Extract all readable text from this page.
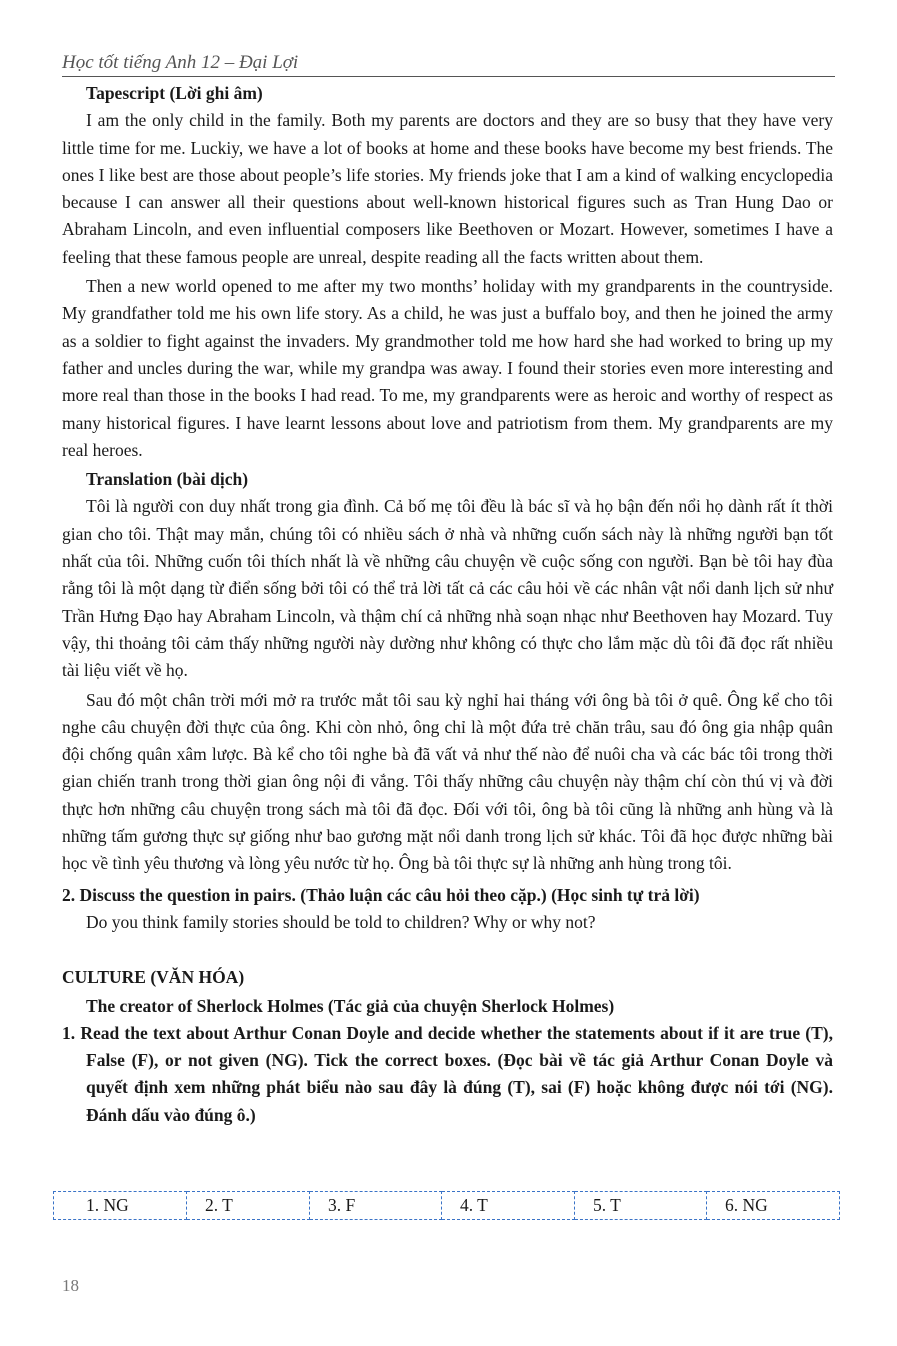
Học tốt tiếng Anh 12 – Đại Lợi

Tapescript (Lời ghi âm)

I am the only child in the family. Both my parents are doctors and they are so busy that they have very little time for me. Luckiy, we have a lot of books at home and these books have become my best friends. The ones I like best are those about people’s life stories. My friends joke that I am a kind of walking encyclopedia because I can answer all their questions about well-known historical figures such as Tran Hung Dao or Abraham Lincoln, and even influential composers like Beethoven or Mozart. However, sometimes I have a feeling that these famous people are unreal, despite reading all the facts written about them.

Then a new world opened to me after my two months’ holiday with my grandparents in the countryside. My grandfather told me his own life story. As a child, he was just a buffalo boy, and then he joined the army as a soldier to fight against the invaders. My grandmother told me how hard she had worked to bring up my father and uncles during the war, while my grandpa was away. I found their stories even more interesting and more real than those in the books I had read. To me, my grandparents were as heroic and worthy of respect as many historical figures. I have learnt lessons about love and patriotism from them. My grandparents are my real heroes.

Translation (bài dịch)

Tôi là người con duy nhất trong gia đình. Cả bố mẹ tôi đều là bác sĩ và họ bận đến nổi họ dành rất ít thời gian cho tôi. Thật may mắn, chúng tôi có nhiều sách ở nhà và những cuốn sách này là những người bạn tốt nhất của tôi. Những cuốn tôi thích nhất là về những câu chuyện về cuộc sống con người. Bạn bè tôi hay đùa rằng tôi là một dạng từ điển sống bởi tôi có thể trả lời tất cả các câu hỏi về các nhân vật nổi danh lịch sử như Trần Hưng Đạo hay Abraham Lincoln, và thậm chí cả những nhà soạn nhạc như Beethoven hay Mozard. Tuy vậy, thi thoảng tôi cảm thấy những người này dường như không có thực cho lắm mặc dù tôi đã đọc rất nhiều tài liệu viết về họ.

Sau đó một chân trời mới mở ra trước mắt tôi sau kỳ nghỉ hai tháng với ông bà tôi ở quê. Ông kể cho tôi nghe câu chuyện đời thực của ông. Khi còn nhỏ, ông chỉ là một đứa trẻ chăn trâu, sau đó ông gia nhập quân đội chống quân xâm lược. Bà kể cho tôi nghe bà đã vất vả như thế nào để nuôi cha và các bác tôi trong thời gian chiến tranh trong thời gian ông nội đi vắng. Tôi thấy những câu chuyện này thậm chí còn thú vị và đời thực hơn những câu chuyện trong sách mà tôi đã đọc. Đối với tôi, ông bà tôi cũng là những anh hùng và là những tấm gương thực sự giống như bao gương mặt nổi danh trong lịch sử khác. Tôi đã học được những bài học về tình yêu thương và lòng yêu nước từ họ. Ông bà tôi thực sự là những anh hùng trong tôi.

2. Discuss the question in pairs. (Thảo luận các câu hỏi theo cặp.) (Học sinh tự trả lời)

Do you think family stories should be told to children? Why or why not?

CULTURE (VĂN HÓA)

The creator of Sherlock Holmes (Tác giả của chuyện Sherlock Holmes)

1. Read the text about Arthur Conan Doyle and decide whether the statements about if it are true (T), False (F), or not given (NG). Tick the correct boxes. (Đọc bài về tác giả Arthur Conan Doyle và quyết định xem những phát biểu nào sau đây là đúng (T), sai (F) hoặc không được nói tới (NG). Đánh dấu vào đúng ô.)

1. NG	2. T	3. F	4. T	5. T	6. NG
18
